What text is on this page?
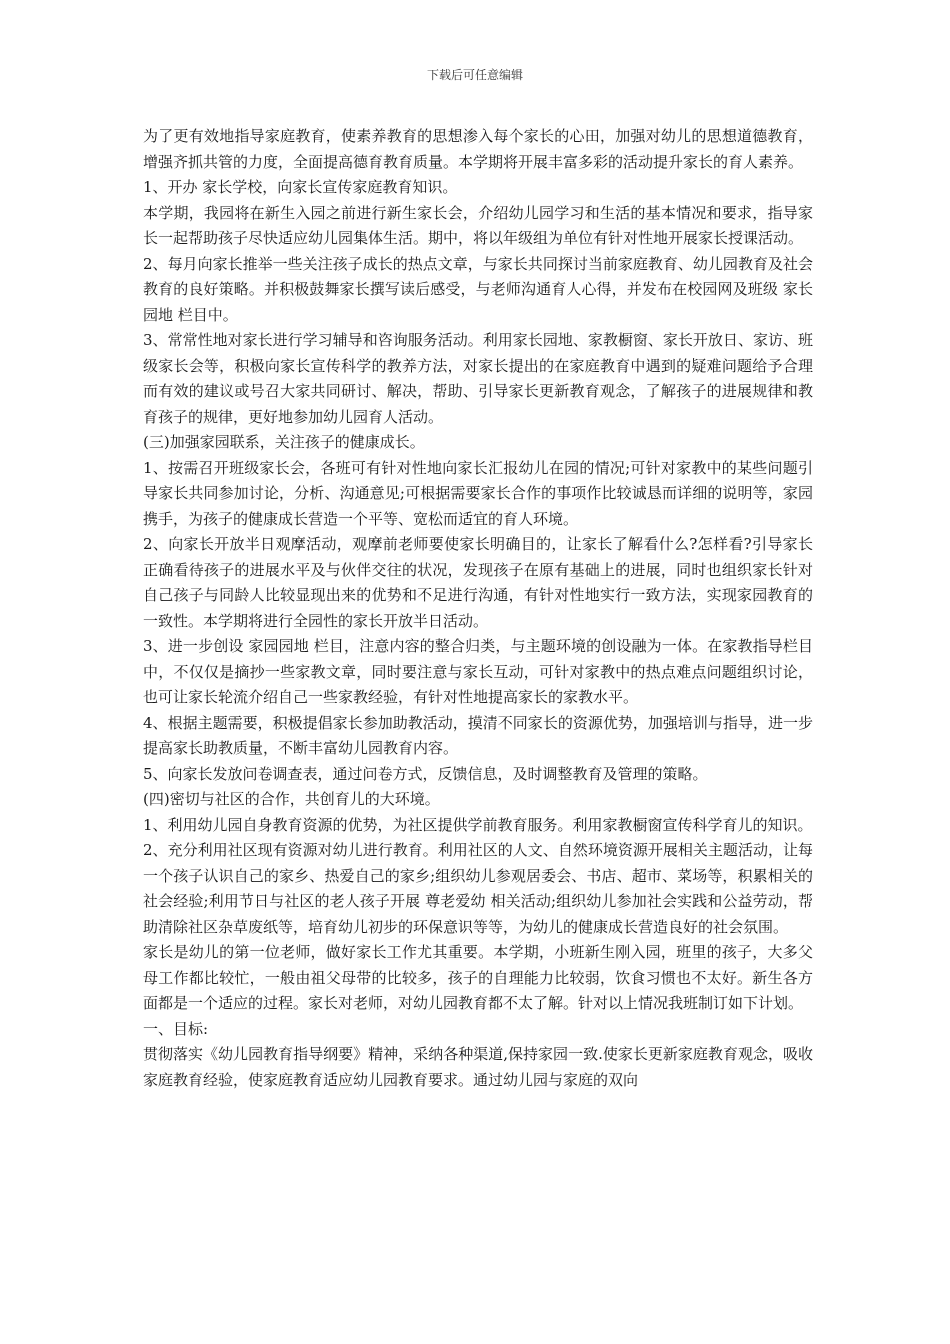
下载后可任意编辑

为了更有效地指导家庭教育，使素养教育的思想渗入每个家长的心田，加强对幼儿的思想道德教育，增强齐抓共管的力度，全面提高德育教育质量。本学期将开展丰富多彩的活动提升家长的育人素养。

1、开办 家长学校，向家长宣传家庭教育知识。

本学期，我园将在新生入园之前进行新生家长会，介绍幼儿园学习和生活的基本情况和要求，指导家长一起帮助孩子尽快适应幼儿园集体生活。期中，将以年级组为单位有针对性地开展家长授课活动。

2、每月向家长推举一些关注孩子成长的热点文章，与家长共同探讨当前家庭教育、幼儿园教育及社会教育的良好策略。并积极鼓舞家长撰写读后感受，与老师沟通育人心得，并发布在校园网及班级 家长园地 栏目中。

3、常常性地对家长进行学习辅导和咨询服务活动。利用家长园地、家教橱窗、家长开放日、家访、班级家长会等，积极向家长宣传科学的教养方法，对家长提出的在家庭教育中遇到的疑难问题给予合理而有效的建议或号召大家共同研讨、解决，帮助、引导家长更新教育观念，了解孩子的进展规律和教育孩子的规律，更好地参加幼儿园育人活动。

(三)加强家园联系，关注孩子的健康成长。

1、按需召开班级家长会，各班可有针对性地向家长汇报幼儿在园的情况;可针对家教中的某些问题引导家长共同参加讨论，分析、沟通意见;可根据需要家长合作的事项作比较诚恳而详细的说明等，家园携手，为孩子的健康成长营造一个平等、宽松而适宜的育人环境。

2、向家长开放半日观摩活动，观摩前老师要使家长明确目的，让家长了解看什么?怎样看?引导家长正确看待孩子的进展水平及与伙伴交往的状况，发现孩子在原有基础上的进展，同时也组织家长针对自己孩子与同龄人比较显现出来的优势和不足进行沟通，有针对性地实行一致方法，实现家园教育的一致性。本学期将进行全园性的家长开放半日活动。

3、进一步创设 家园园地 栏目，注意内容的整合归类，与主题环境的创设融为一体。在家教指导栏目中，不仅仅是摘抄一些家教文章，同时要注意与家长互动，可针对家教中的热点难点问题组织讨论，也可让家长轮流介绍自己一些家教经验，有针对性地提高家长的家教水平。

4、根据主题需要，积极提倡家长参加助教活动，摸清不同家长的资源优势，加强培训与指导，进一步提高家长助教质量，不断丰富幼儿园教育内容。

5、向家长发放问卷调查表，通过问卷方式，反馈信息，及时调整教育及管理的策略。

(四)密切与社区的合作，共创育儿的大环境。

1、利用幼儿园自身教育资源的优势，为社区提供学前教育服务。利用家教橱窗宣传科学育儿的知识。

2、充分利用社区现有资源对幼儿进行教育。利用社区的人文、自然环境资源开展相关主题活动，让每一个孩子认识自己的家乡、热爱自己的家乡;组织幼儿参观居委会、书店、超市、菜场等，积累相关的社会经验;利用节日与社区的老人孩子开展 尊老爱幼 相关活动;组织幼儿参加社会实践和公益劳动，帮助清除社区杂草废纸等，培育幼儿初步的环保意识等等，为幼儿的健康成长营造良好的社会氛围。

家长是幼儿的第一位老师，做好家长工作尤其重要。本学期，小班新生刚入园，班里的孩子，大多父母工作都比较忙，一般由祖父母带的比较多，孩子的自理能力比较弱，饮食习惯也不太好。新生各方面都是一个适应的过程。家长对老师，对幼儿园教育都不太了解。针对以上情况我班制订如下计划。

一、目标:

贯彻落实《幼儿园教育指导纲要》精神，采纳各种渠道,保持家园一致.使家长更新家庭教育观念，吸收家庭教育经验，使家庭教育适应幼儿园教育要求。通过幼儿园与家庭的双向
